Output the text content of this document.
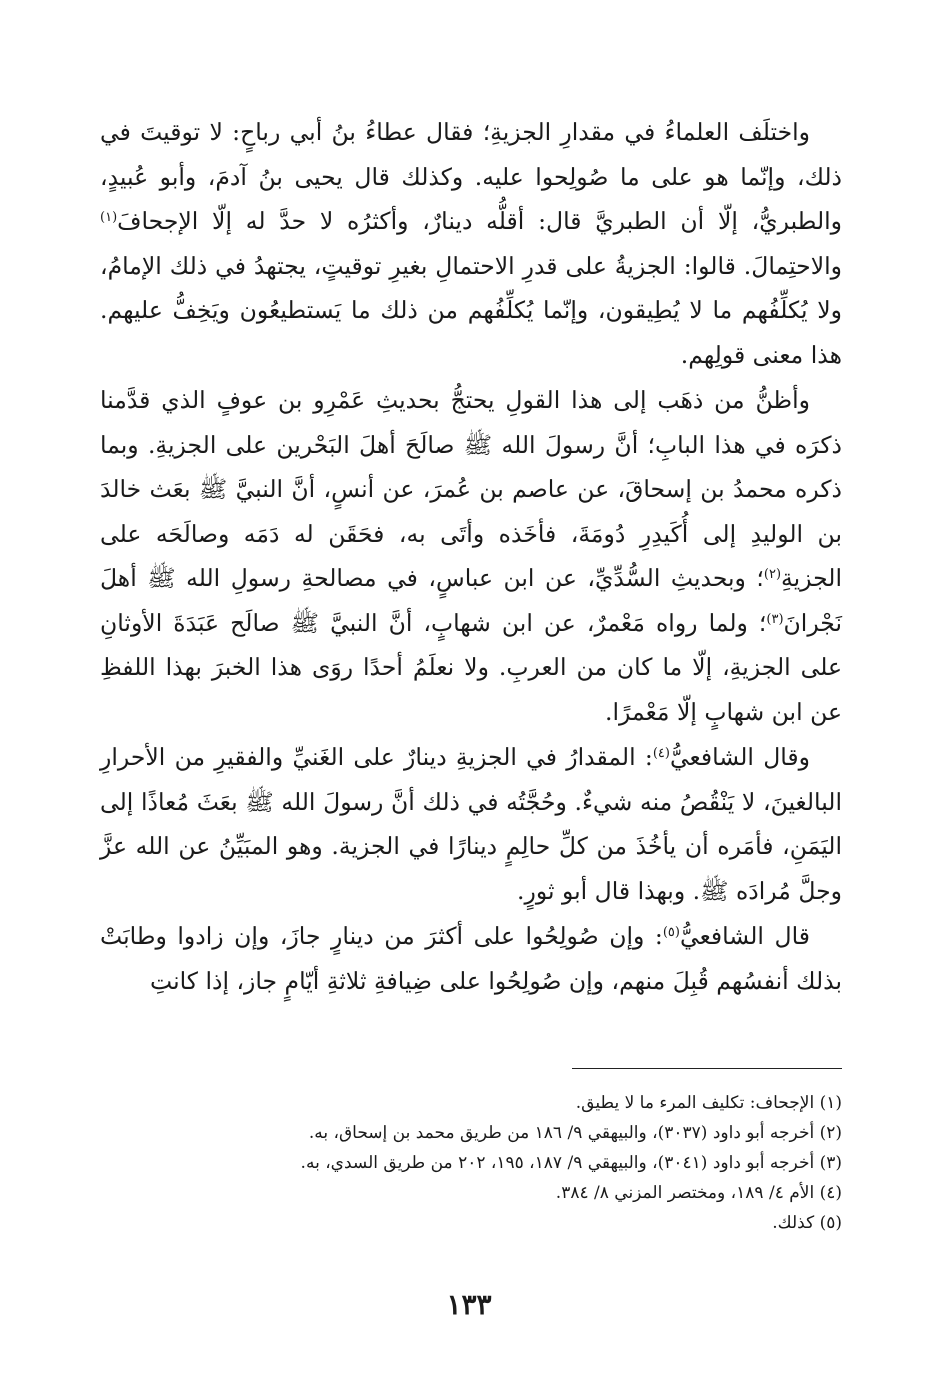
واختلَف العلماءُ في مقدارِ الجزيةِ؛ فقال عطاءُ بنُ أبي رباحٍ: لا توقيتَ في ذلك، وإنّما هو على ما صُولِحوا عليه. وكذلك قال يحيى بنُ آدمَ، وأبو عُبيدٍ، والطبريُّ، إلّا أن الطبريَّ قال: أقلُّه دينارٌ، وأكثرُه لا حدَّ له إلّا الإجحافَ$^{(١)}$ والاحتِمالَ. قالوا: الجزيةُ على قدرِ الاحتمالِ بغيرِ توقيتٍ، يجتهدُ في ذلك الإمامُ، ولا يُكلِّفُهم ما لا يُطِيقون، وإنّما يُكلِّفُهم من ذلك ما يَستطيعُون ويَخِفُّ عليهم. هذا معنى قولِهم.

وأظنُّ من ذهَب إلى هذا القولِ يحتجُّ بحديثِ عَمْرِو بن عوفٍ الذي قدَّمنا ذكرَه في هذا البابِ؛ أنَّ رسولَ الله ﷺ صالَحَ أهلَ البَحْرين على الجزيةِ. وبما ذكره محمدُ بن إسحاقَ، عن عاصم بن عُمرَ، عن أنسٍ، أنَّ النبيَّ ﷺ بعَث خالدَ بن الوليدِ إلى أُكَيدِرِ دُومَةَ، فأخَذه وأتَى به، فحَقَن له دَمَه وصالَحَه على الجزيةِ$^{(٢)}$؛ وبحديثِ السُّدِّيِّ، عن ابن عباسٍ، في مصالحةِ رسولِ الله ﷺ أهلَ نَجْرانَ$^{(٣)}$؛ ولما رواه مَعْمرٌ، عن ابن شهابٍ، أنَّ النبيَّ ﷺ صالَح عَبَدَةَ الأوثانِ على الجزيةِ، إلّا ما كان من العربِ. ولا نعلَمُ أحدًا روَى هذا الخبرَ بهذا اللفظِ عن ابن شهابٍ إلّا مَعْمرًا.

وقال الشافعيُّ$^{(٤)}$: المقدارُ في الجزيةِ دينارٌ على الغَنيِّ والفقيرِ من الأحرارِ البالغينَ، لا يَنْقُصُ منه شيءٌ. وحُجَّتُه في ذلك أنَّ رسولَ الله ﷺ بعَثَ مُعاذًا إلى اليَمَنِ، فأمَره أن يأخُذَ من كلِّ حالِمٍ دينارًا في الجزية. وهو المبَيِّنُ عن الله عزَّ وجلَّ مُرادَه ﷺ. وبهذا قال أبو ثورٍ.

قال الشافعيُّ$^{(٥)}$: وإن صُولِحُوا على أكثرَ من دينارٍ جازَ، وإن زادوا وطابَتْ بذلك أنفسُهم قُبِلَ منهم، وإن صُولِحُوا على ضِيافةِ ثلاثةِ أيّامٍ جاز، إذا كانتِ

(١) الإجحاف: تكليف المرء ما لا يطيق.
(٢) أخرجه أبو داود (٣٠٣٧)، والبيهقي ٩/ ١٨٦ من طريق محمد بن إسحاق، به.
(٣) أخرجه أبو داود (٣٠٤١)، والبيهقي ٩/ ١٨٧، ١٩٥، ٢٠٢ من طريق السدي، به.
(٤) الأم ٤/ ١٨٩، ومختصر المزني ٨/ ٣٨٤.
(٥) كذلك.
١٣٣
